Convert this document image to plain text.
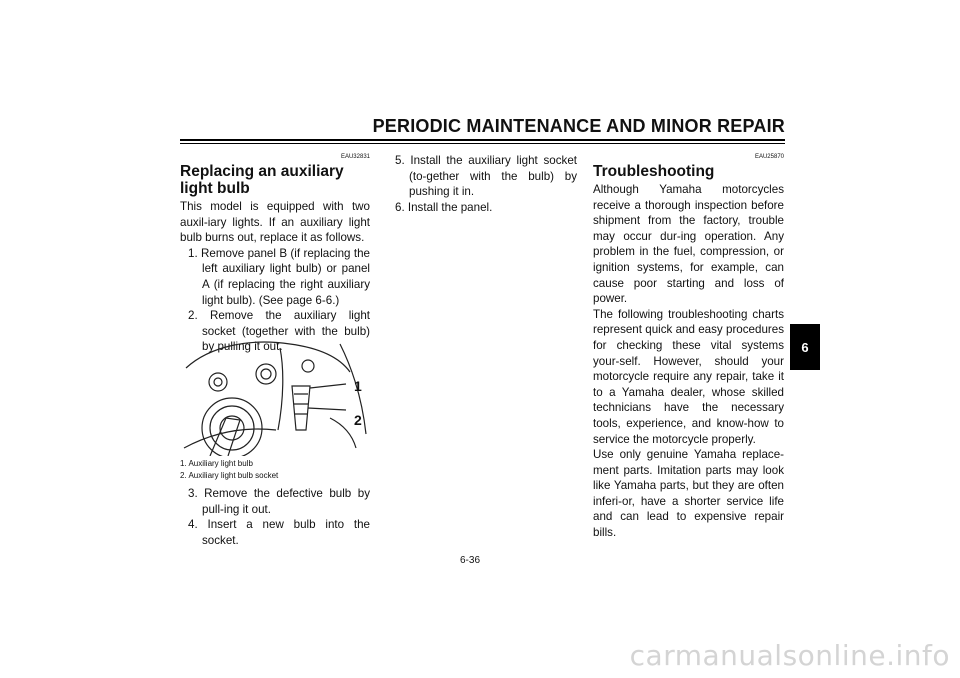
PERIODIC MAINTENANCE AND MINOR REPAIR
EAU32831
Replacing an auxiliary light bulb

This model is equipped with two auxil-iary lights. If an auxiliary light bulb burns out, replace it as follows.

1. Remove panel B (if replacing the left auxiliary light bulb) or panel A (if replacing the right auxiliary light bulb). (See page 6-6.)

2. Remove the auxiliary light socket (together with the bulb) by pulling it out.

1
2
1. Auxiliary light bulb
2. Auxiliary light bulb socket

3. Remove the defective bulb by pull-ing it out.

4. Insert a new bulb into the socket.

5. Install the auxiliary light socket (to-gether with the bulb) by pushing it in.

6. Install the panel.

EAU25870
Troubleshooting

Although Yamaha motorcycles receive a thorough inspection before shipment from the factory, trouble may occur dur-ing operation. Any problem in the fuel, compression, or ignition systems, for example, can cause poor starting and loss of power.

The following troubleshooting charts represent quick and easy procedures for checking these vital systems your-self. However, should your motorcycle require any repair, take it to a Yamaha dealer, whose skilled technicians have the necessary tools, experience, and know-how to service the motorcycle properly.

Use only genuine Yamaha replace-ment parts. Imitation parts may look like Yamaha parts, but they are often inferi-or, have a shorter service life and can lead to expensive repair bills.

6
6-36
carmanualsonline.info
